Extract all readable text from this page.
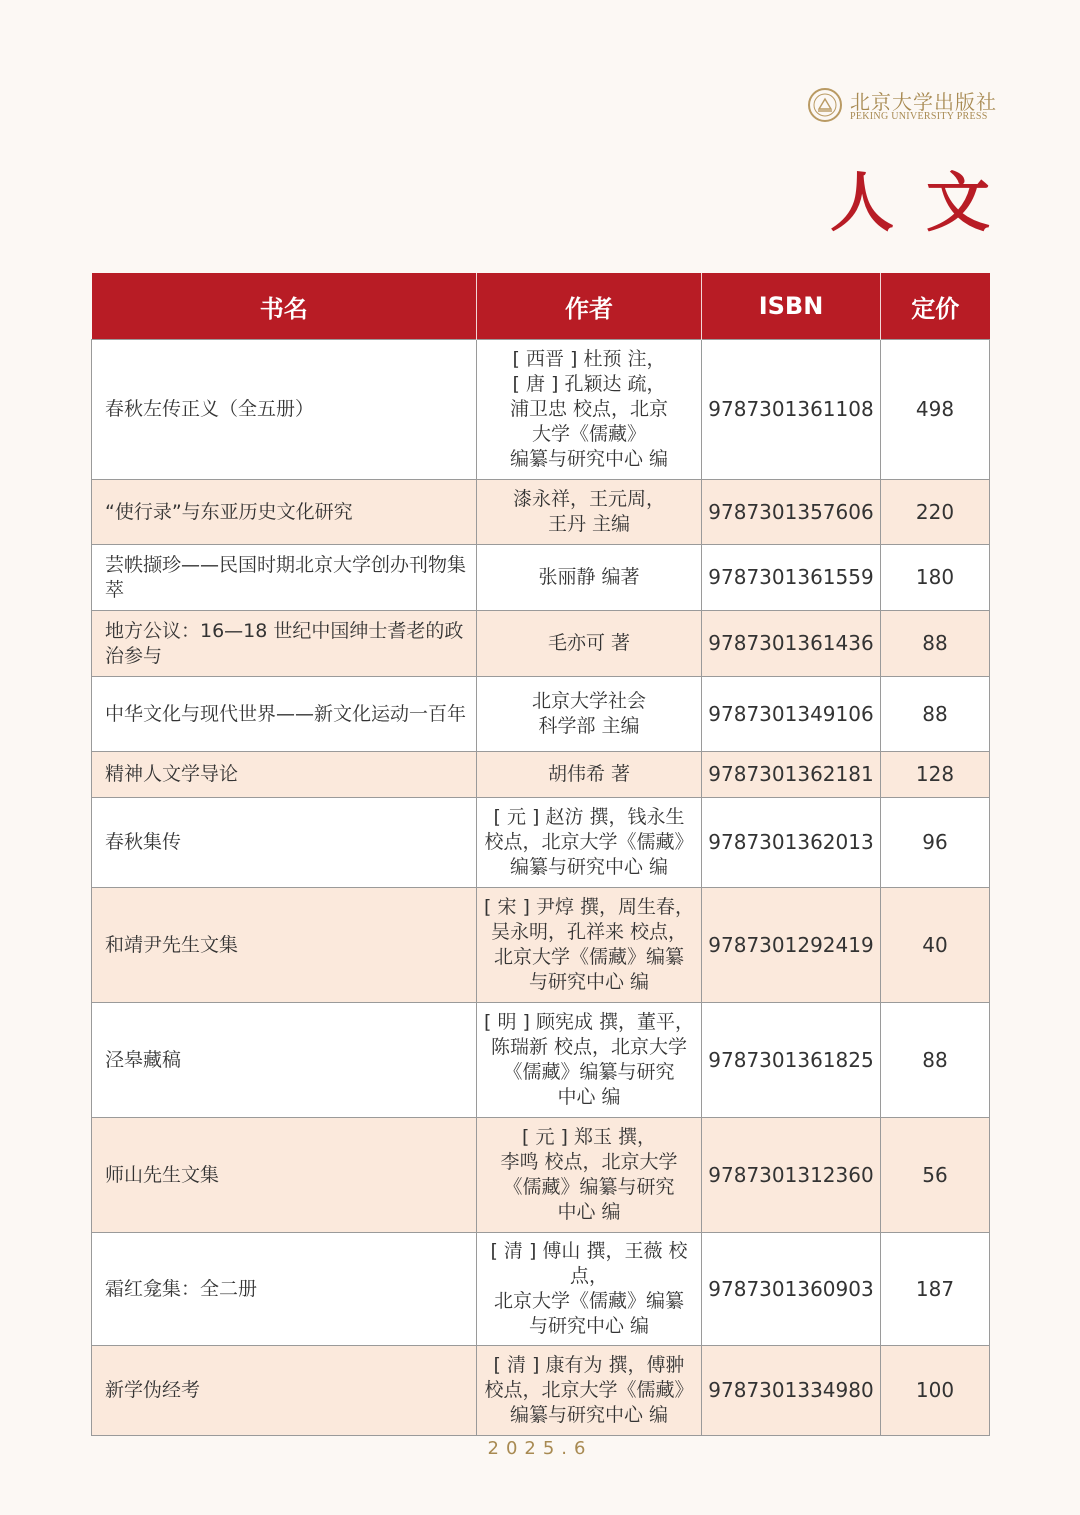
北京大学出版社
PEKING UNIVERSITY PRESS
人文
书名	作者	ISBN	定价
春秋左传正义（全五册）	[ 西晋 ] 杜预 注，
[ 唐 ] 孔颖达 疏，
浦卫忠 校点，北京
大学《儒藏》
编纂与研究中心 编	9787301361108	498
“使行录”与东亚历史文化研究	漆永祥，王元周，
王丹 主编	9787301357606	220
芸帙撷珍——民国时期北京大学创办刊物集萃	张丽静 编著	9787301361559	180
地方公议：16—18 世纪中国绅士耆老的政治参与	毛亦可 著	9787301361436	88
中华文化与现代世界——新文化运动一百年	北京大学社会
科学部 主编	9787301349106	88
精神人文学导论	胡伟希 著	9787301362181	128
春秋集传	[ 元 ] 赵汸 撰，钱永生 校点，北京大学《儒藏》编纂与研究中心 编	9787301362013	96
和靖尹先生文集	[ 宋 ] 尹焞 撰，周生春，
吴永明，孔祥来 校点，
北京大学《儒藏》编纂
与研究中心 编	9787301292419	40
泾皋藏稿	[ 明 ] 顾宪成 撰，董平，
陈瑞新 校点，北京大学
《儒藏》编纂与研究
中心 编	9787301361825	88
师山先生文集	[ 元 ] 郑玉 撰，
李鸣 校点，北京大学
《儒藏》编纂与研究
中心 编	9787301312360	56
霜红龛集：全二册	[ 清 ] 傅山 撰，王薇 校点，
北京大学《儒藏》编纂
与研究中心 编	9787301360903	187
新学伪经考	[ 清 ] 康有为 撰，傅翀 校点，北京大学《儒藏》编纂与研究中心 编	9787301334980	100
2025.6
